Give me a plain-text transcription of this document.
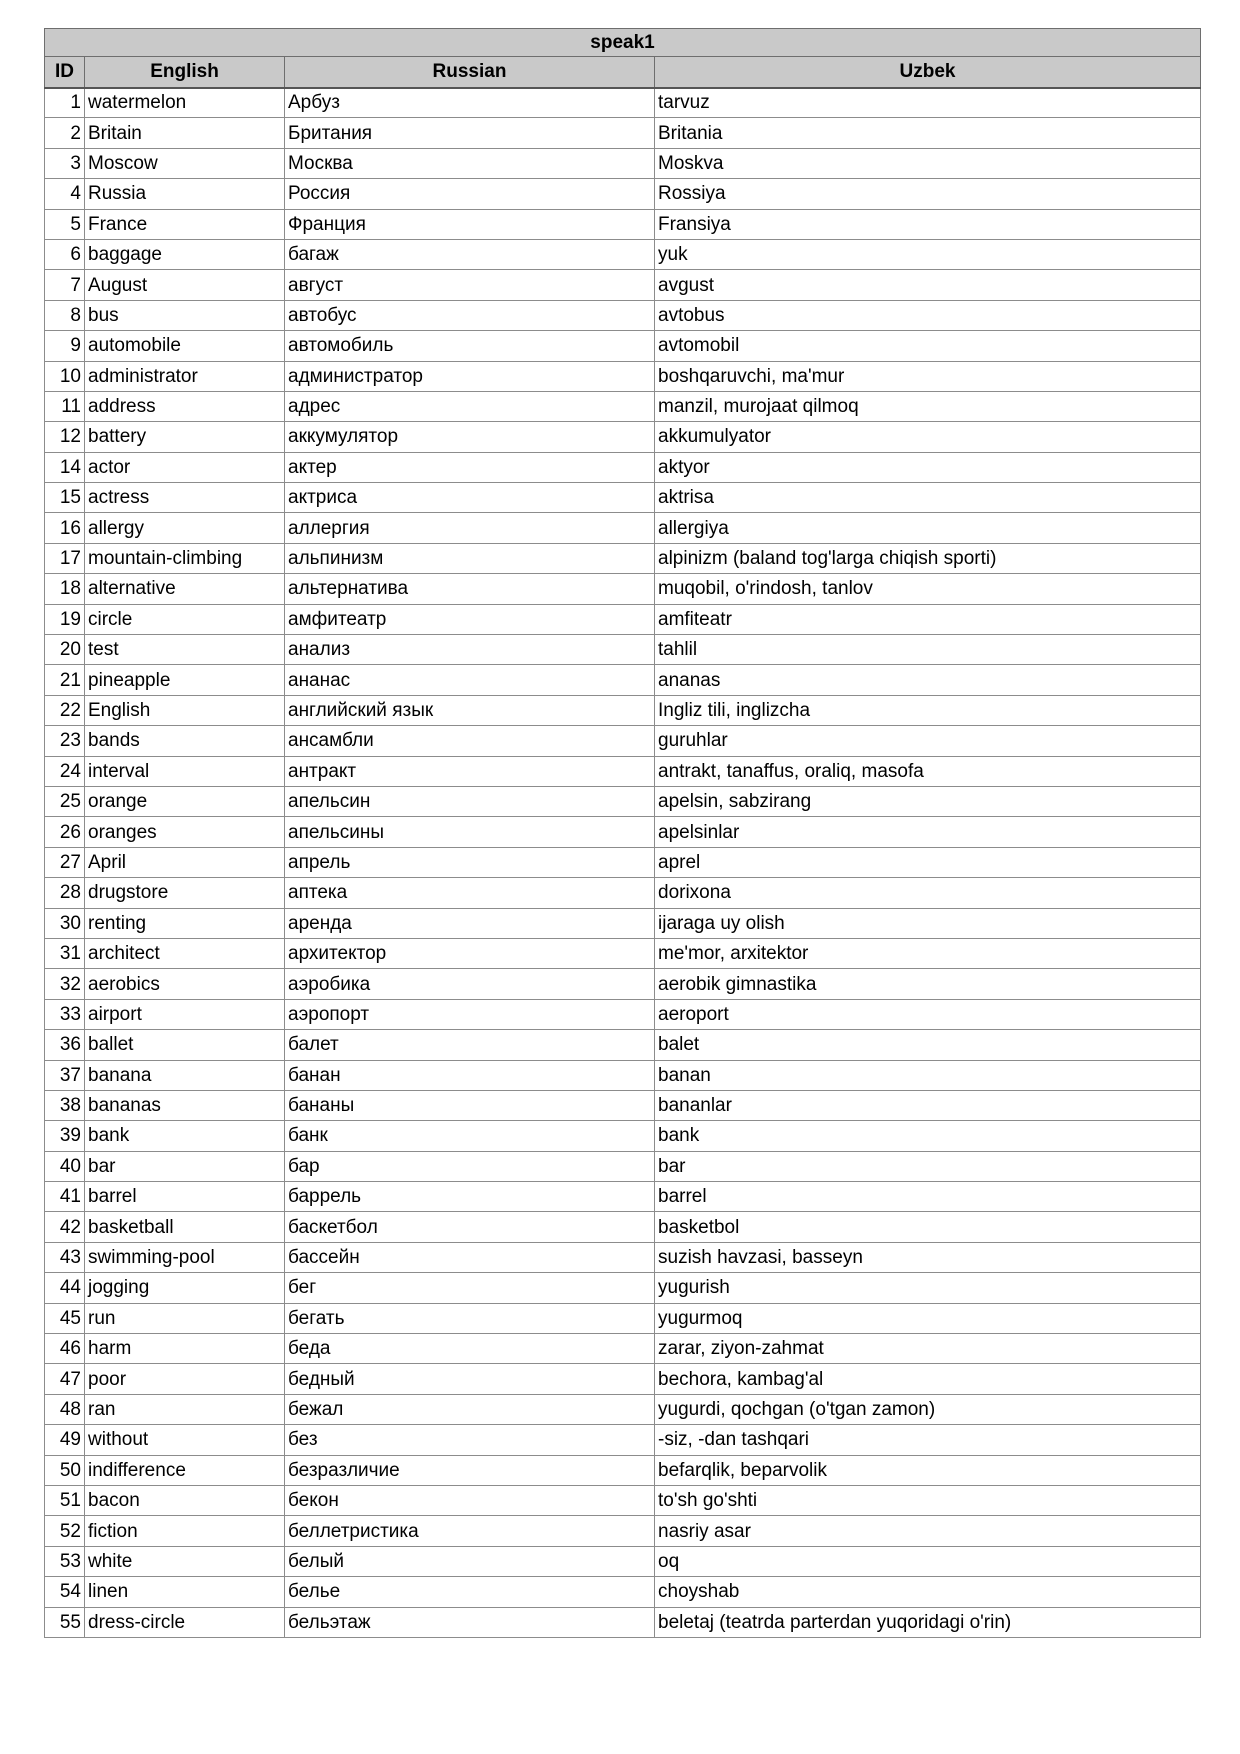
speak1			
ID	English	Russian	Uzbek
1	watermelon	Арбуз	tarvuz
2	Britain	Британия	Britania
3	Moscow	Москва	Moskva
4	Russia	Россия	Rossiya
5	France	Франция	Fransiya
6	baggage	багаж	yuk
7	August	август	avgust
8	bus	автобус	avtobus
9	automobile	автомобиль	avtomobil
10	administrator	администратор	boshqaruvchi, ma'mur
11	address	адрес	manzil, murojaat qilmoq
12	battery	аккумулятор	akkumulyator
14	actor	актер	aktyor
15	actress	актриса	aktrisa
16	allergy	аллергия	allergiya
17	mountain-climbing	альпинизм	alpinizm (baland tog'larga chiqish sporti)
18	alternative	альтернатива	muqobil, o'rindosh, tanlov
19	circle	амфитеатр	amfiteatr
20	test	анализ	tahlil
21	pineapple	ананас	ananas
22	English	английский язык	Ingliz tili, inglizcha
23	bands	ансамбли	guruhlar
24	interval	антракт	antrakt, tanaffus, oraliq, masofa
25	orange	апельсин	apelsin, sabzirang
26	oranges	апельсины	apelsinlar
27	April	апрель	aprel
28	drugstore	аптека	dorixona
30	renting	аренда	ijaraga uy olish
31	architect	архитектор	me'mor, arxitektor
32	aerobics	аэробика	aerobik gimnastika
33	airport	аэропорт	aeroport
36	ballet	балет	balet
37	banana	банан	banan
38	bananas	бананы	bananlar
39	bank	банк	bank
40	bar	бар	bar
41	barrel	баррель	barrel
42	basketball	баскетбол	basketbol
43	swimming-pool	бассейн	suzish havzasi, basseyn
44	jogging	бег	yugurish
45	run	бегать	yugurmoq
46	harm	беда	zarar, ziyon-zahmat
47	poor	бедный	bechora, kambag'al
48	ran	бежал	yugurdi, qochgan (o'tgan zamon)
49	without	без	-siz, -dan tashqari
50	indifference	безразличие	befarqlik, beparvolik
51	bacon	бекон	to'sh go'shti
52	fiction	беллетристика	nasriy asar
53	white	белый	oq
54	linen	белье	choyshab
55	dress-circle	бельэтаж	beletaj (teatrda parterdan yuqoridagi o'rin)
